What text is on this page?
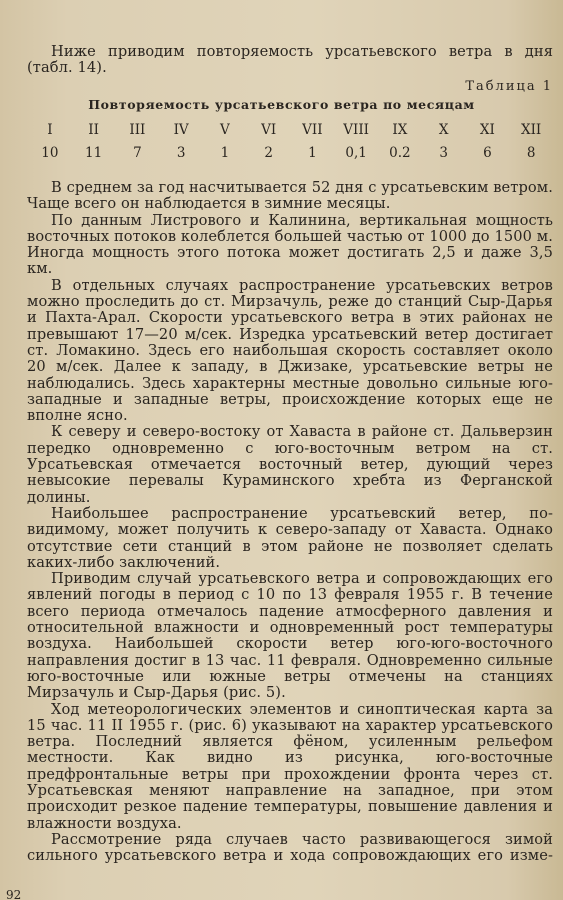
Ниже приводим повторяемость урсатьевского ветра в дня

(табл. 14).
Таблица 1
Повторяемость урсатьевского ветра по месяцам
I	II	III	IV	V	VI	VII	VIII	IX	X	XI	XII
10	11	7	3	1	2	1	0,1	0.2	3	6	8

В среднем за год насчитывается 52 дня с урсатьевским ветром. Чаще всего он наблюдается в зимние месяцы.

По данным Листрового и Калинина, вертикальная мощность восточных потоков колеблется большей частью от 1000 до 1500 м. Иногда мощность этого потока может достигать 2,5 и даже 3,5 км.

В отдельных случаях распространение урсатьевских ветров можно проследить до ст. Мирзачуль, реже до станций Сыр-Дарья и Пахта-Арал. Скорости урсатьевского ветра в этих районах не превышают 17—20 м/сек. Изредка урсатьевский ветер достигает ст. Ломакино. Здесь его наибольшая скорость составляет около 20 м/сек. Далее к западу, в Джизаке, урсатьевские ветры не наблюдались. Здесь характерны местные довольно сильные юго-западные и западные ветры, происхождение которых еще не вполне ясно.

К северу и северо-востоку от Хаваста в районе ст. Дальверзин передко одновременно с юго-восточным ветром на ст. Урсатьевская отмечается восточный ветер, дующий через невысокие перевалы Кураминского хребта из Ферганской долины.

Наибольшее распространение урсатьевский ветер, по-видимому, может получить к северо-западу от Хаваста. Однако отсутствие сети станций в этом районе не позволяет сделать каких-либо заключений.

Приводим случай урсатьевского ветра и сопровождающих его явлений погоды в период с 10 по 13 февраля 1955 г. В течение всего периода отмечалось падение атмосферного давления и относительной влажности и одновременный рост температуры воздуха. Наибольшей скорости ветер юго-юго-восточного направления достиг в 13 час. 11 февраля. Одновременно сильные юго-восточные или южные ветры отмечены на станциях Мирзачуль и Сыр-Дарья (рис. 5).

Ход метеорологических элементов и синоптическая карта за 15 час. 11 II 1955 г. (рис. 6) указывают на характер урсатьевского ветра. Последний является фёном, усиленным рельефом местности. Как видно из рисунка, юго-восточные предфронтальные ветры при прохождении фронта через ст. Урсатьевская меняют направление на западное, при этом происходит резкое падение температуры, повышение давления и влажности воздуха.

Рассмотрение ряда случаев часто развивающегося зимой сильного урсатьевского ветра и хода сопровождающих его изме-

92
